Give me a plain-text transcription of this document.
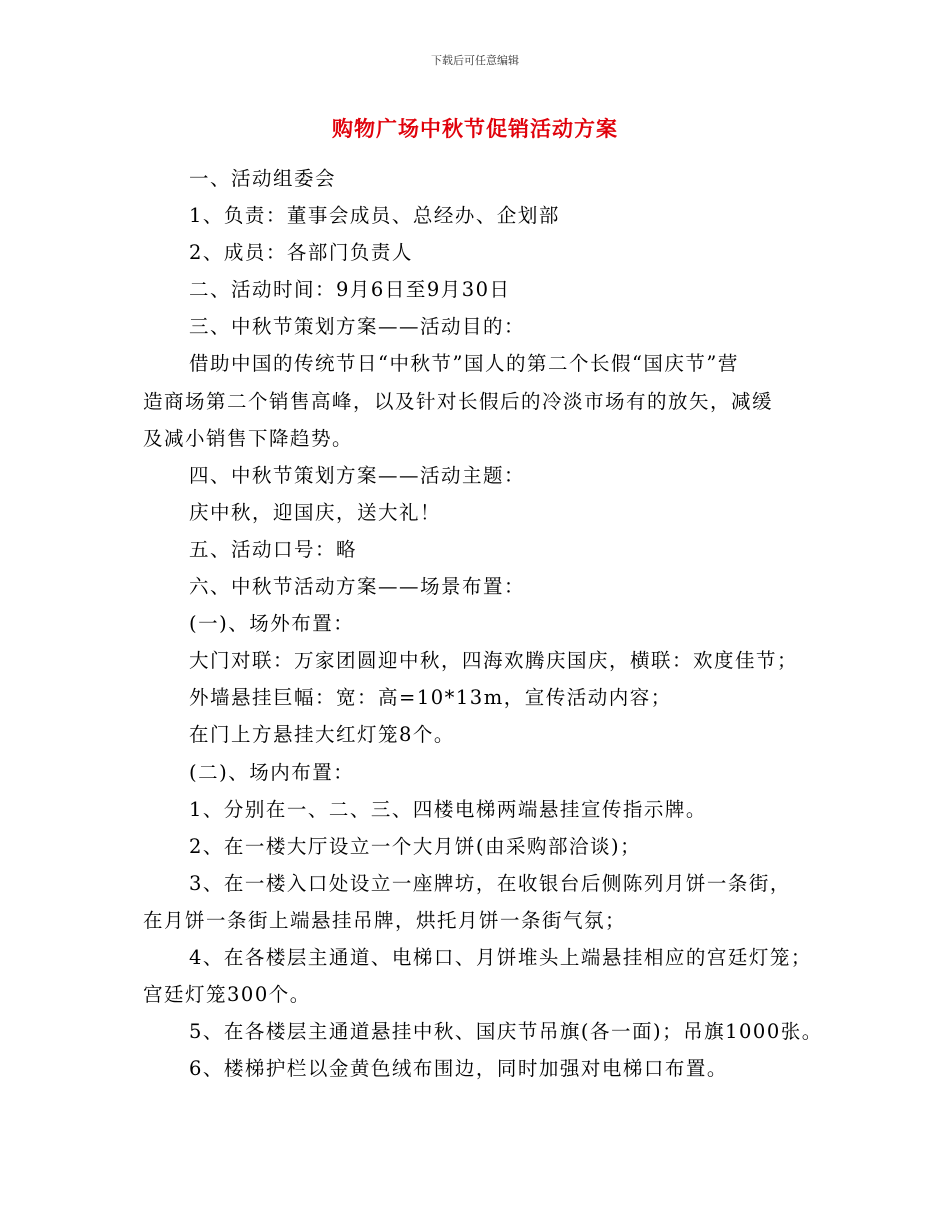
下载后可任意编辑
购物广场中秋节促销活动方案
一、活动组委会
1、负责：董事会成员、总经办、企划部
2、成员：各部门负责人
二、活动时间：9月6日至9月30日
三、中秋节策划方案——活动目的：
借助中国的传统节日“中秋节”国人的第二个长假“国庆节”营
造商场第二个销售高峰，以及针对长假后的冷淡市场有的放矢，减缓
及减小销售下降趋势。
四、中秋节策划方案——活动主题：
庆中秋，迎国庆，送大礼！
五、活动口号：略
六、中秋节活动方案——场景布置：
(一)、场外布置：
大门对联：万家团圆迎中秋，四海欢腾庆国庆，横联：欢度佳节；
外墙悬挂巨幅：宽：高=10*13m，宣传活动内容；
在门上方悬挂大红灯笼8个。
(二)、场内布置：
1、分别在一、二、三、四楼电梯两端悬挂宣传指示牌。
2、在一楼大厅设立一个大月饼(由采购部洽谈)；
3、在一楼入口处设立一座牌坊，在收银台后侧陈列月饼一条街，
在月饼一条街上端悬挂吊牌，烘托月饼一条街气氛；
4、在各楼层主通道、电梯口、月饼堆头上端悬挂相应的宫廷灯笼；
宫廷灯笼300个。
5、在各楼层主通道悬挂中秋、国庆节吊旗(各一面)；吊旗1000张。
6、楼梯护栏以金黄色绒布围边，同时加强对电梯口布置。
